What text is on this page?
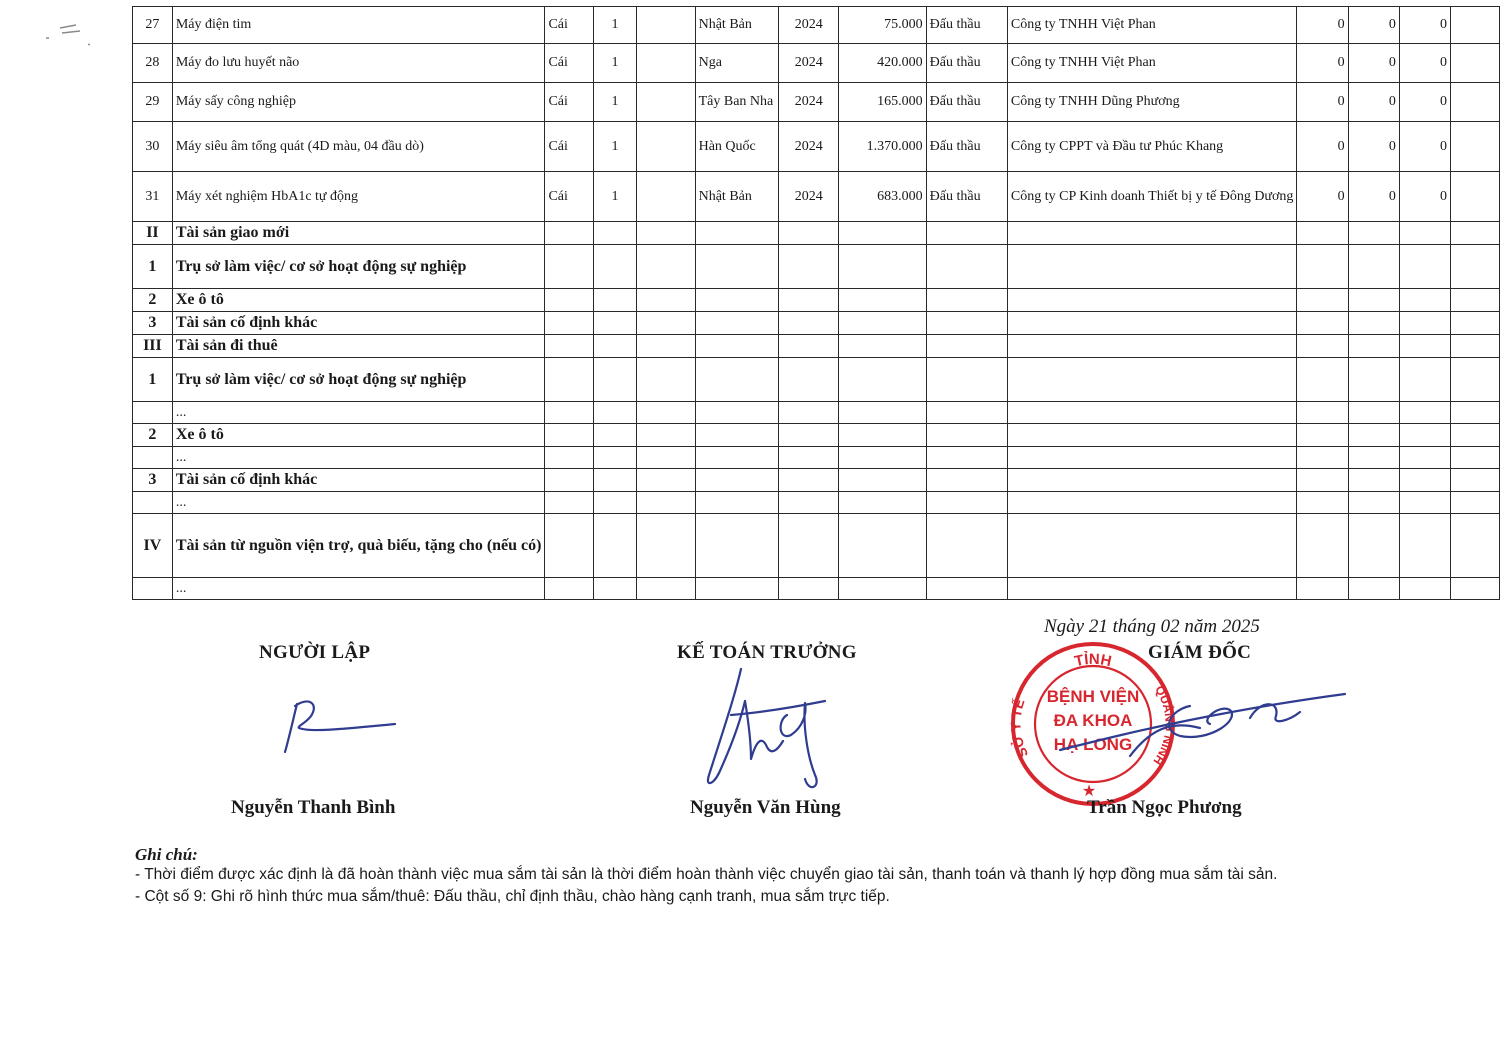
27	Máy điện tim	Cái	1		Nhật Bản	2024	75.000	Đấu thầu	Công ty TNHH Việt Phan	0	0	0	
28	Máy đo lưu huyết não	Cái	1		Nga	2024	420.000	Đấu thầu	Công ty TNHH Việt Phan	0	0	0	
29	Máy sấy công nghiệp	Cái	1		Tây Ban Nha	2024	165.000	Đấu thầu	Công ty TNHH Dũng Phương	0	0	0	
30	Máy siêu âm tổng quát (4D màu, 04 đầu dò)	Cái	1		Hàn Quốc	2024	1.370.000	Đấu thầu	Công ty CPPT và Đầu tư Phúc Khang	0	0	0	
31	Máy xét nghiệm HbA1c tự động	Cái	1		Nhật Bản	2024	683.000	Đấu thầu	Công ty CP Kinh doanh Thiết bị y tế Đông Dương	0	0	0	
II	Tài sản giao mới												
1	Trụ sở làm việc/ cơ sở hoạt động sự nghiệp												
2	Xe ô tô												
3	Tài sản cố định khác												
III	Tài sản đi thuê												
1	Trụ sở làm việc/ cơ sở hoạt động sự nghiệp												
	...												
2	Xe ô tô												
	...												
3	Tài sản cố định khác												
	...												
IV	Tài sản từ nguồn viện trợ, quà biếu, tặng cho (nếu có)												
	...												
Ngày 21 tháng 02 năm 2025
NGƯỜI LẬP	KẾ TOÁN TRƯỞNG	GIÁM ĐỐC
TỈNH
SỞ Y TẾ
QUẢNG NINH
BỆNH VIỆN
ĐA KHOA
HẠ LONG
★
Nguyễn Thanh Bình	Nguyễn Văn Hùng	Trần Ngọc Phương
Ghi chú:
- Thời điểm được xác định là đã hoàn thành việc mua sắm tài sản là thời điểm hoàn thành việc chuyển giao tài sản, thanh toán và thanh lý hợp đồng mua sắm tài sản.
- Cột số 9: Ghi rõ hình thức mua sắm/thuê: Đấu thầu, chỉ định thầu, chào hàng cạnh tranh, mua sắm trực tiếp.
